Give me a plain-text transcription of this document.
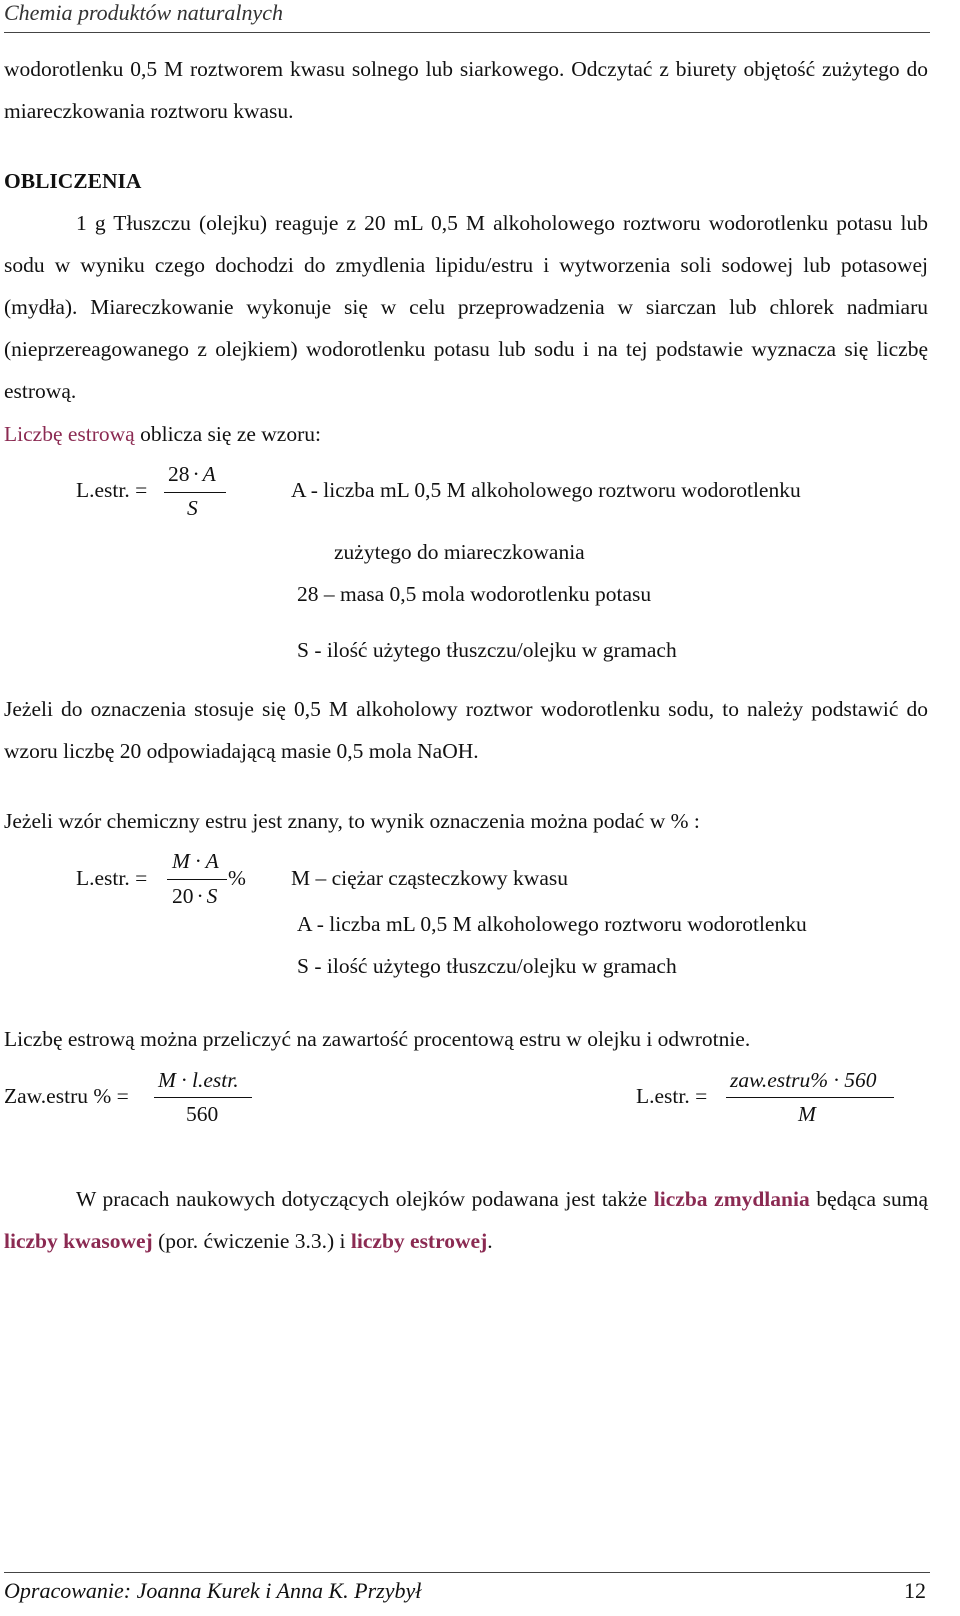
Chemia produktów naturalnych
wodorotlenku 0,5 M roztworem kwasu solnego lub siarkowego. Odczytać z biurety objętość zużytego do miareczkowania roztworu kwasu.
OBLICZENIA
1 g Tłuszczu (olejku) reaguje z 20 mL 0,5 M alkoholowego roztworu wodorotlenku potasu lub sodu w wyniku czego dochodzi do zmydlenia lipidu/estru i wytworzenia soli sodowej lub potasowej (mydła). Miareczkowanie wykonuje się w celu przeprowadzenia w siarczan lub chlorek nadmiaru (nieprzereagowanego z olejkiem) wodorotlenku potasu lub sodu i na tej podstawie wyznacza się liczbę estrową.
Liczbę estrową oblicza się ze wzoru:
L.estr. =
28 · A
S
A - liczba mL 0,5 M alkoholowego roztworu wodorotlenku
zużytego do miareczkowania
28 – masa 0,5 mola wodorotlenku potasu
S - ilość użytego tłuszczu/olejku w gramach
Jeżeli do oznaczenia stosuje się 0,5 M alkoholowy roztwor wodorotlenku sodu, to należy podstawić do wzoru liczbę 20 odpowiadającą masie 0,5 mola NaOH.
Jeżeli wzór chemiczny estru jest znany, to wynik oznaczenia można podać w % :
L.estr. =
M · A
20 · S
% M – ciężar cząsteczkowy kwasu
A - liczba mL 0,5 M alkoholowego roztworu wodorotlenku
S - ilość użytego tłuszczu/olejku w gramach
Liczbę estrową można przeliczyć na zawartość procentową estru w olejku i odwrotnie.
Zaw.estru % =
M · l.estr.
560
L.estr. =
zaw.estru% · 560
M
W pracach naukowych dotyczących olejków podawana jest także liczba zmydlania będąca sumą liczby kwasowej (por. ćwiczenie 3.3.) i liczby estrowej.
Opracowanie: Joanna Kurek i Anna K. Przybył	12
